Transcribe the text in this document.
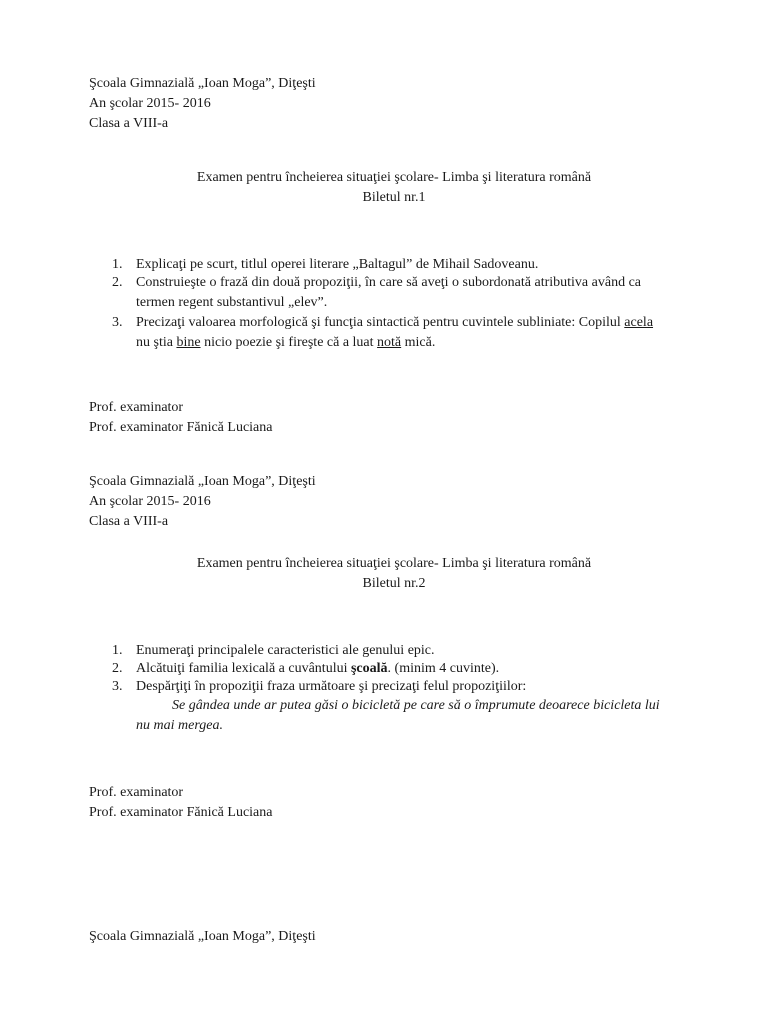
Şcoala Gimnazială „Ioan Moga”, Diţeşti
An şcolar 2015- 2016
Clasa a VIII-a
Examen pentru încheierea situaţiei şcolare- Limba şi literatura română
Biletul nr.1
1. Explicaţi pe scurt, titlul operei literare „Baltagul” de Mihail Sadoveanu.
2. Construieşte o frază din două propoziţii, în care să aveţi o subordonată atributiva având ca
termen regent substantivul „elev”.
3. Precizaţi valoarea morfologică şi funcţia sintactică pentru cuvintele subliniate: Copilul acela
nu ştia bine nicio poezie şi fireşte că a luat notă mică.
Prof. examinator
Prof. examinator Fănică Luciana
Şcoala Gimnazială „Ioan Moga”, Diţeşti
An şcolar 2015- 2016
Clasa a VIII-a
Examen pentru încheierea situaţiei şcolare- Limba şi literatura română
Biletul nr.2
1. Enumeraţi principalele caracteristici ale genului epic.
2. Alcătuiţi familia lexicală a cuvântului şcoală. (minim 4 cuvinte).
3. Despărţiţi în propoziţii fraza următoare şi precizaţi felul propoziţiilor:
Se gândea unde ar putea găsi o bicicletă pe care să o împrumute deoarece bicicleta lui
nu mai mergea.
Prof. examinator
Prof. examinator Fănică Luciana
Şcoala Gimnazială „Ioan Moga”, Diţeşti
